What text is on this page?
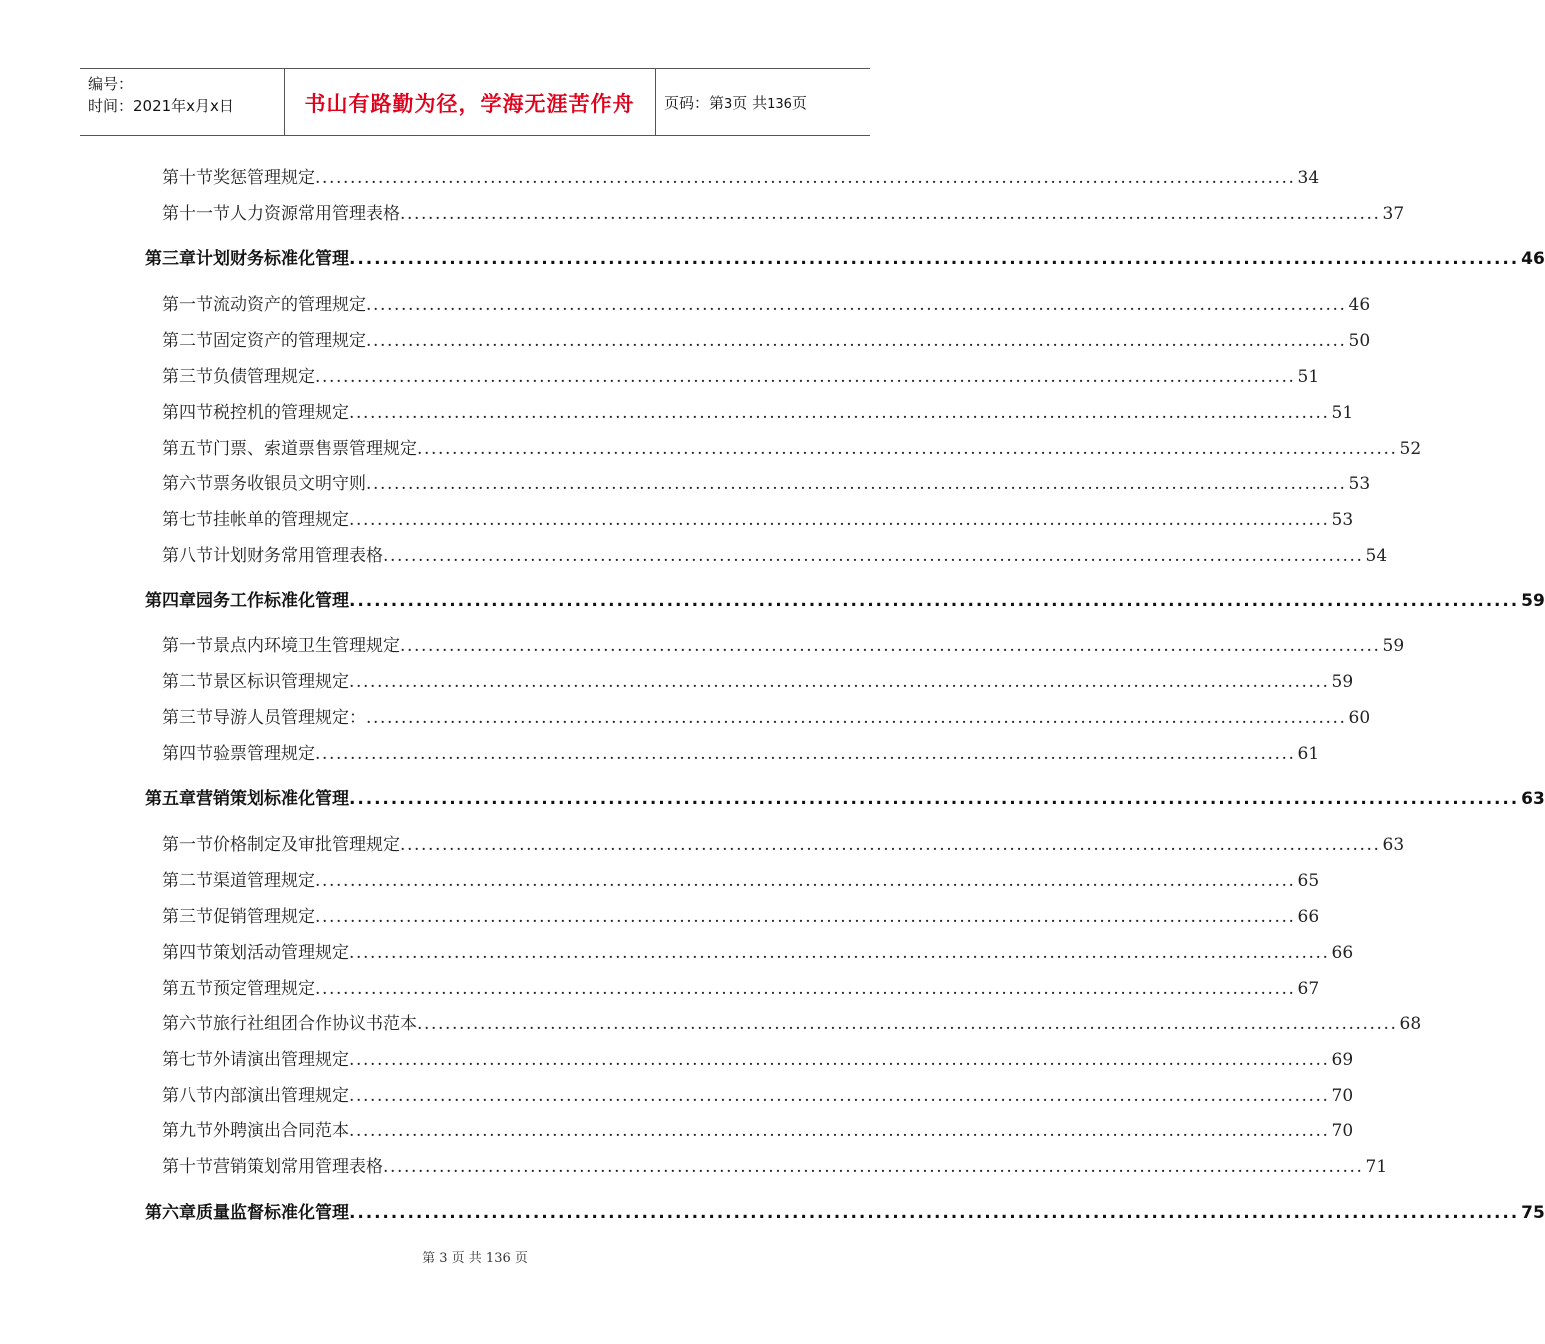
编号：
时间：2021年x月x日	书山有路勤为径，学海无涯苦作舟	页码：第3页 共136页
第十节 奖惩管理规定 ............................................................................................................................................ 34
第十一节 人力资源常用管理表格 ............................................................................................................................................ 37
第三章 计划财务标准化管理 ............................................................................................................................................ 46
第一节 流动资产的管理规定 ............................................................................................................................................ 46
第二节 固定资产的管理规定 ............................................................................................................................................ 50
第三节 负债管理规定 ............................................................................................................................................ 51
第四节 税控机的管理规定 ............................................................................................................................................ 51
第五节 门票、索道票售票管理规定 ............................................................................................................................................ 52
第六节 票务收银员文明守则 ............................................................................................................................................ 53
第七节 挂帐单的管理规定 ............................................................................................................................................ 53
第八节 计划财务常用管理表格 ............................................................................................................................................ 54
第四章 园务工作标准化管理 ............................................................................................................................................ 59
第一节 景点内环境卫生管理规定 ............................................................................................................................................ 59
第二节 景区标识管理规定 ............................................................................................................................................ 59
第三节 导游人员管理规定： ............................................................................................................................................ 60
第四节 验票管理规定 ............................................................................................................................................ 61
第五章 营销策划标准化管理 ............................................................................................................................................ 63
第一节 价格制定及审批管理规定 ............................................................................................................................................ 63
第二节 渠道管理规定 ............................................................................................................................................ 65
第三节 促销管理规定 ............................................................................................................................................ 66
第四节 策划活动管理规定 ............................................................................................................................................ 66
第五节 预定管理规定 ............................................................................................................................................ 67
第六节 旅行社组团合作协议书范本 ............................................................................................................................................ 68
第七节 外请演出管理规定 ............................................................................................................................................ 69
第八节 内部演出管理规定 ............................................................................................................................................ 70
第九节 外聘演出合同范本 ............................................................................................................................................ 70
第十节 营销策划常用管理表格 ............................................................................................................................................ 71
第六章 质量监督标准化管理 ............................................................................................................................................ 75
第 3 页 共 136 页
